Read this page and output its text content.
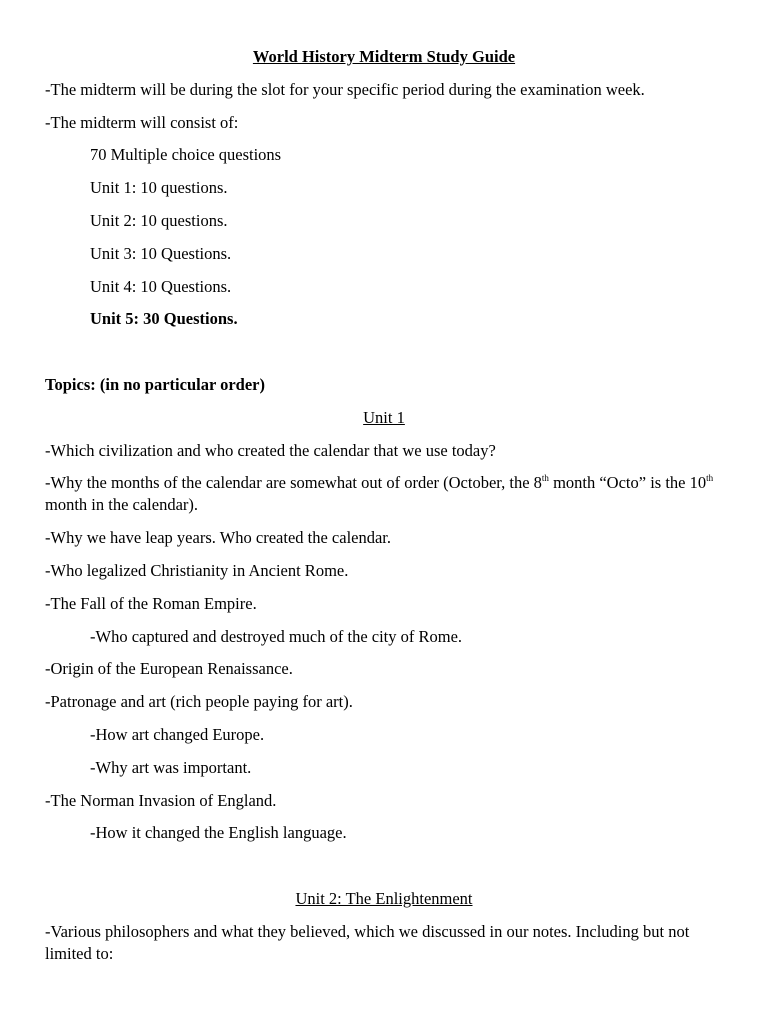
World History Midterm Study Guide
-The midterm will be during the slot for your specific period during the examination week.
-The midterm will consist of:
70 Multiple choice questions
Unit 1: 10 questions.
Unit 2: 10 questions.
Unit 3: 10 Questions.
Unit 4: 10 Questions.
Unit 5: 30 Questions.
Topics: (in no particular order)
Unit 1
-Which civilization and who created the calendar that we use today?
-Why the months of the calendar are somewhat out of order (October, the 8th month “Octo” is the 10th month in the calendar).
-Why we have leap years. Who created the calendar.
-Who legalized Christianity in Ancient Rome.
-The Fall of the Roman Empire.
-Who captured and destroyed much of the city of Rome.
-Origin of the European Renaissance.
-Patronage and art (rich people paying for art).
-How art changed Europe.
-Why art was important.
-The Norman Invasion of England.
-How it changed the English language.
Unit 2: The Enlightenment
-Various philosophers and what they believed, which we discussed in our notes. Including but not limited to:
